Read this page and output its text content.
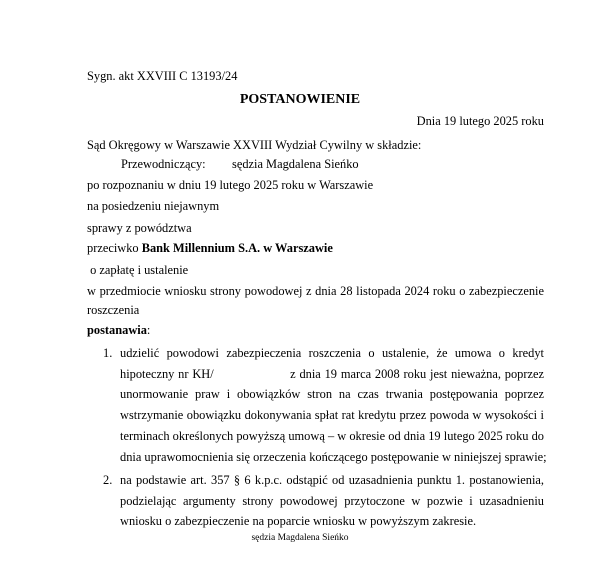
Sygn. akt XXVIII C 13193/24
POSTANOWIENIE
Dnia 19 lutego 2025 roku
Sąd Okręgowy w Warszawie XXVIII Wydział Cywilny w składzie:
Przewodniczący: sędzia Magdalena Sieńko
po rozpoznaniu w dniu 19 lutego 2025 roku w Warszawie
na posiedzeniu niejawnym
sprawy z powództwa
przeciwko Bank Millennium S.A. w Warszawie
o zapłatę i ustalenie
w przedmiocie wniosku strony powodowej z dnia 28 listopada 2024 roku o zabezpieczenie
roszczenia
postanawia:
1. udzielić powodowi zabezpieczenia roszczenia o ustalenie, że umowa o kredyt
hipoteczny nr KH/                    z dnia 19 marca 2008 roku jest nieważna, poprzez
unormowanie praw i obowiązków stron na czas trwania postępowania poprzez
wstrzymanie obowiązku dokonywania spłat rat kredytu przez powoda w wysokości i
terminach określonych powyższą umową – w okresie od dnia 19 lutego 2025 roku do
dnia uprawomocnienia się orzeczenia kończącego postępowanie w niniejszej sprawie;
2. na podstawie art. 357 § 6 k.p.c. odstąpić od uzasadnienia punktu 1. postanowienia,
podzielając argumenty strony powodowej przytoczone w pozwie i uzasadnieniu
wniosku o zabezpieczenie na poparcie wniosku w powyższym zakresie.
sędzia Magdalena Sieńko
